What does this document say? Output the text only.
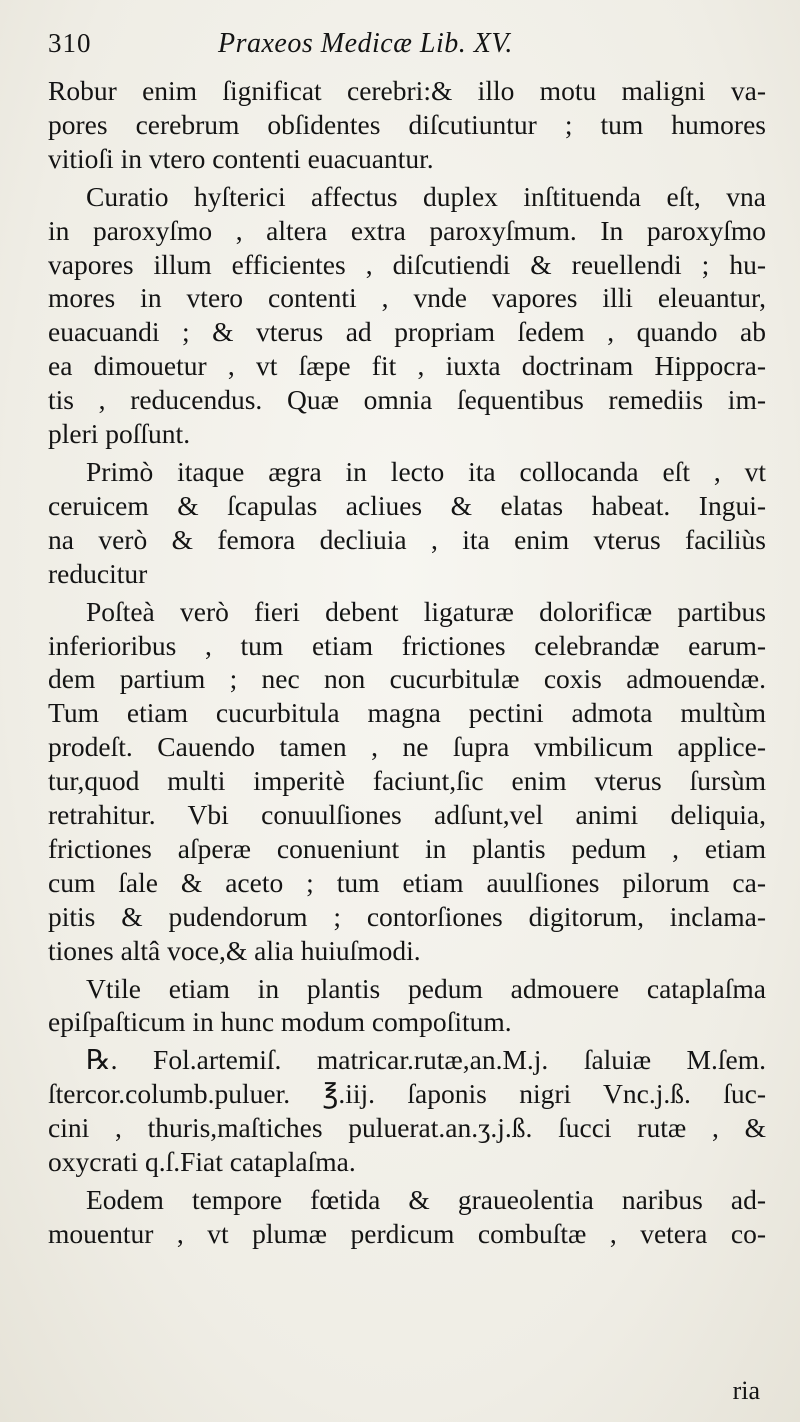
310	Praxeos Medicæ Lib. XV.
Robur enim ſignificat cerebri:& illo motu maligni va-
pores cerebrum obſidentes diſcutiuntur ; tum humores
vitioſi in vtero contenti euacuantur.
Curatio hyſterici affectus duplex inſtituenda eſt, vna
in paroxyſmo , altera extra paroxyſmum. In paroxyſmo
vapores illum efficientes , diſcutiendi & reuellendi ; hu-
mores in vtero contenti , vnde vapores illi eleuantur,
euacuandi ; & vterus ad propriam ſedem , quando ab
ea dimouetur , vt ſæpe fit , iuxta doctrinam Hippocra-
tis , reducendus. Quæ omnia ſequentibus remediis im-
pleri poſſunt.
Primò itaque ægra in lecto ita collocanda eſt , vt
ceruicem & ſcapulas acliues & elatas habeat. Ingui-
na verò & femora decliuia , ita enim vterus faciliùs
reducitur
Poſteà verò fieri debent ligaturæ dolorificæ partibus
inferioribus , tum etiam frictiones celebrandæ earum-
dem partium ; nec non cucurbitulæ coxis admouendæ.
Tum etiam cucurbitula magna pectini admota multùm
prodeſt. Cauendo tamen , ne ſupra vmbilicum applice-
tur,quod multi imperitè faciunt,ſic enim vterus ſursùm
retrahitur. Vbi conuulſiones adſunt,vel animi deliquia,
frictiones aſperæ conueniunt in plantis pedum , etiam
cum ſale & aceto ; tum etiam auulſiones pilorum ca-
pitis & pudendorum ; contorſiones digitorum, inclama-
tiones altâ voce,& alia huiuſmodi.
Vtile etiam in plantis pedum admouere cataplaſma
epiſpaſticum in hunc modum compoſitum.
℞. Fol.artemiſ. matricar.rutæ,an.M.j. ſaluiæ M.ſem.
ſtercor.columb.puluer. ℥.iij. ſaponis nigri Vnc.j.ß. ſuc-
cini , thuris,maſtiches puluerat.an.ʒ.j.ß. ſucci rutæ , &
oxycrati q.ſ.Fiat cataplaſma.
Eodem tempore fœtida & graueolentia naribus ad-
mouentur , vt plumæ perdicum combuſtæ , vetera co-
ria
